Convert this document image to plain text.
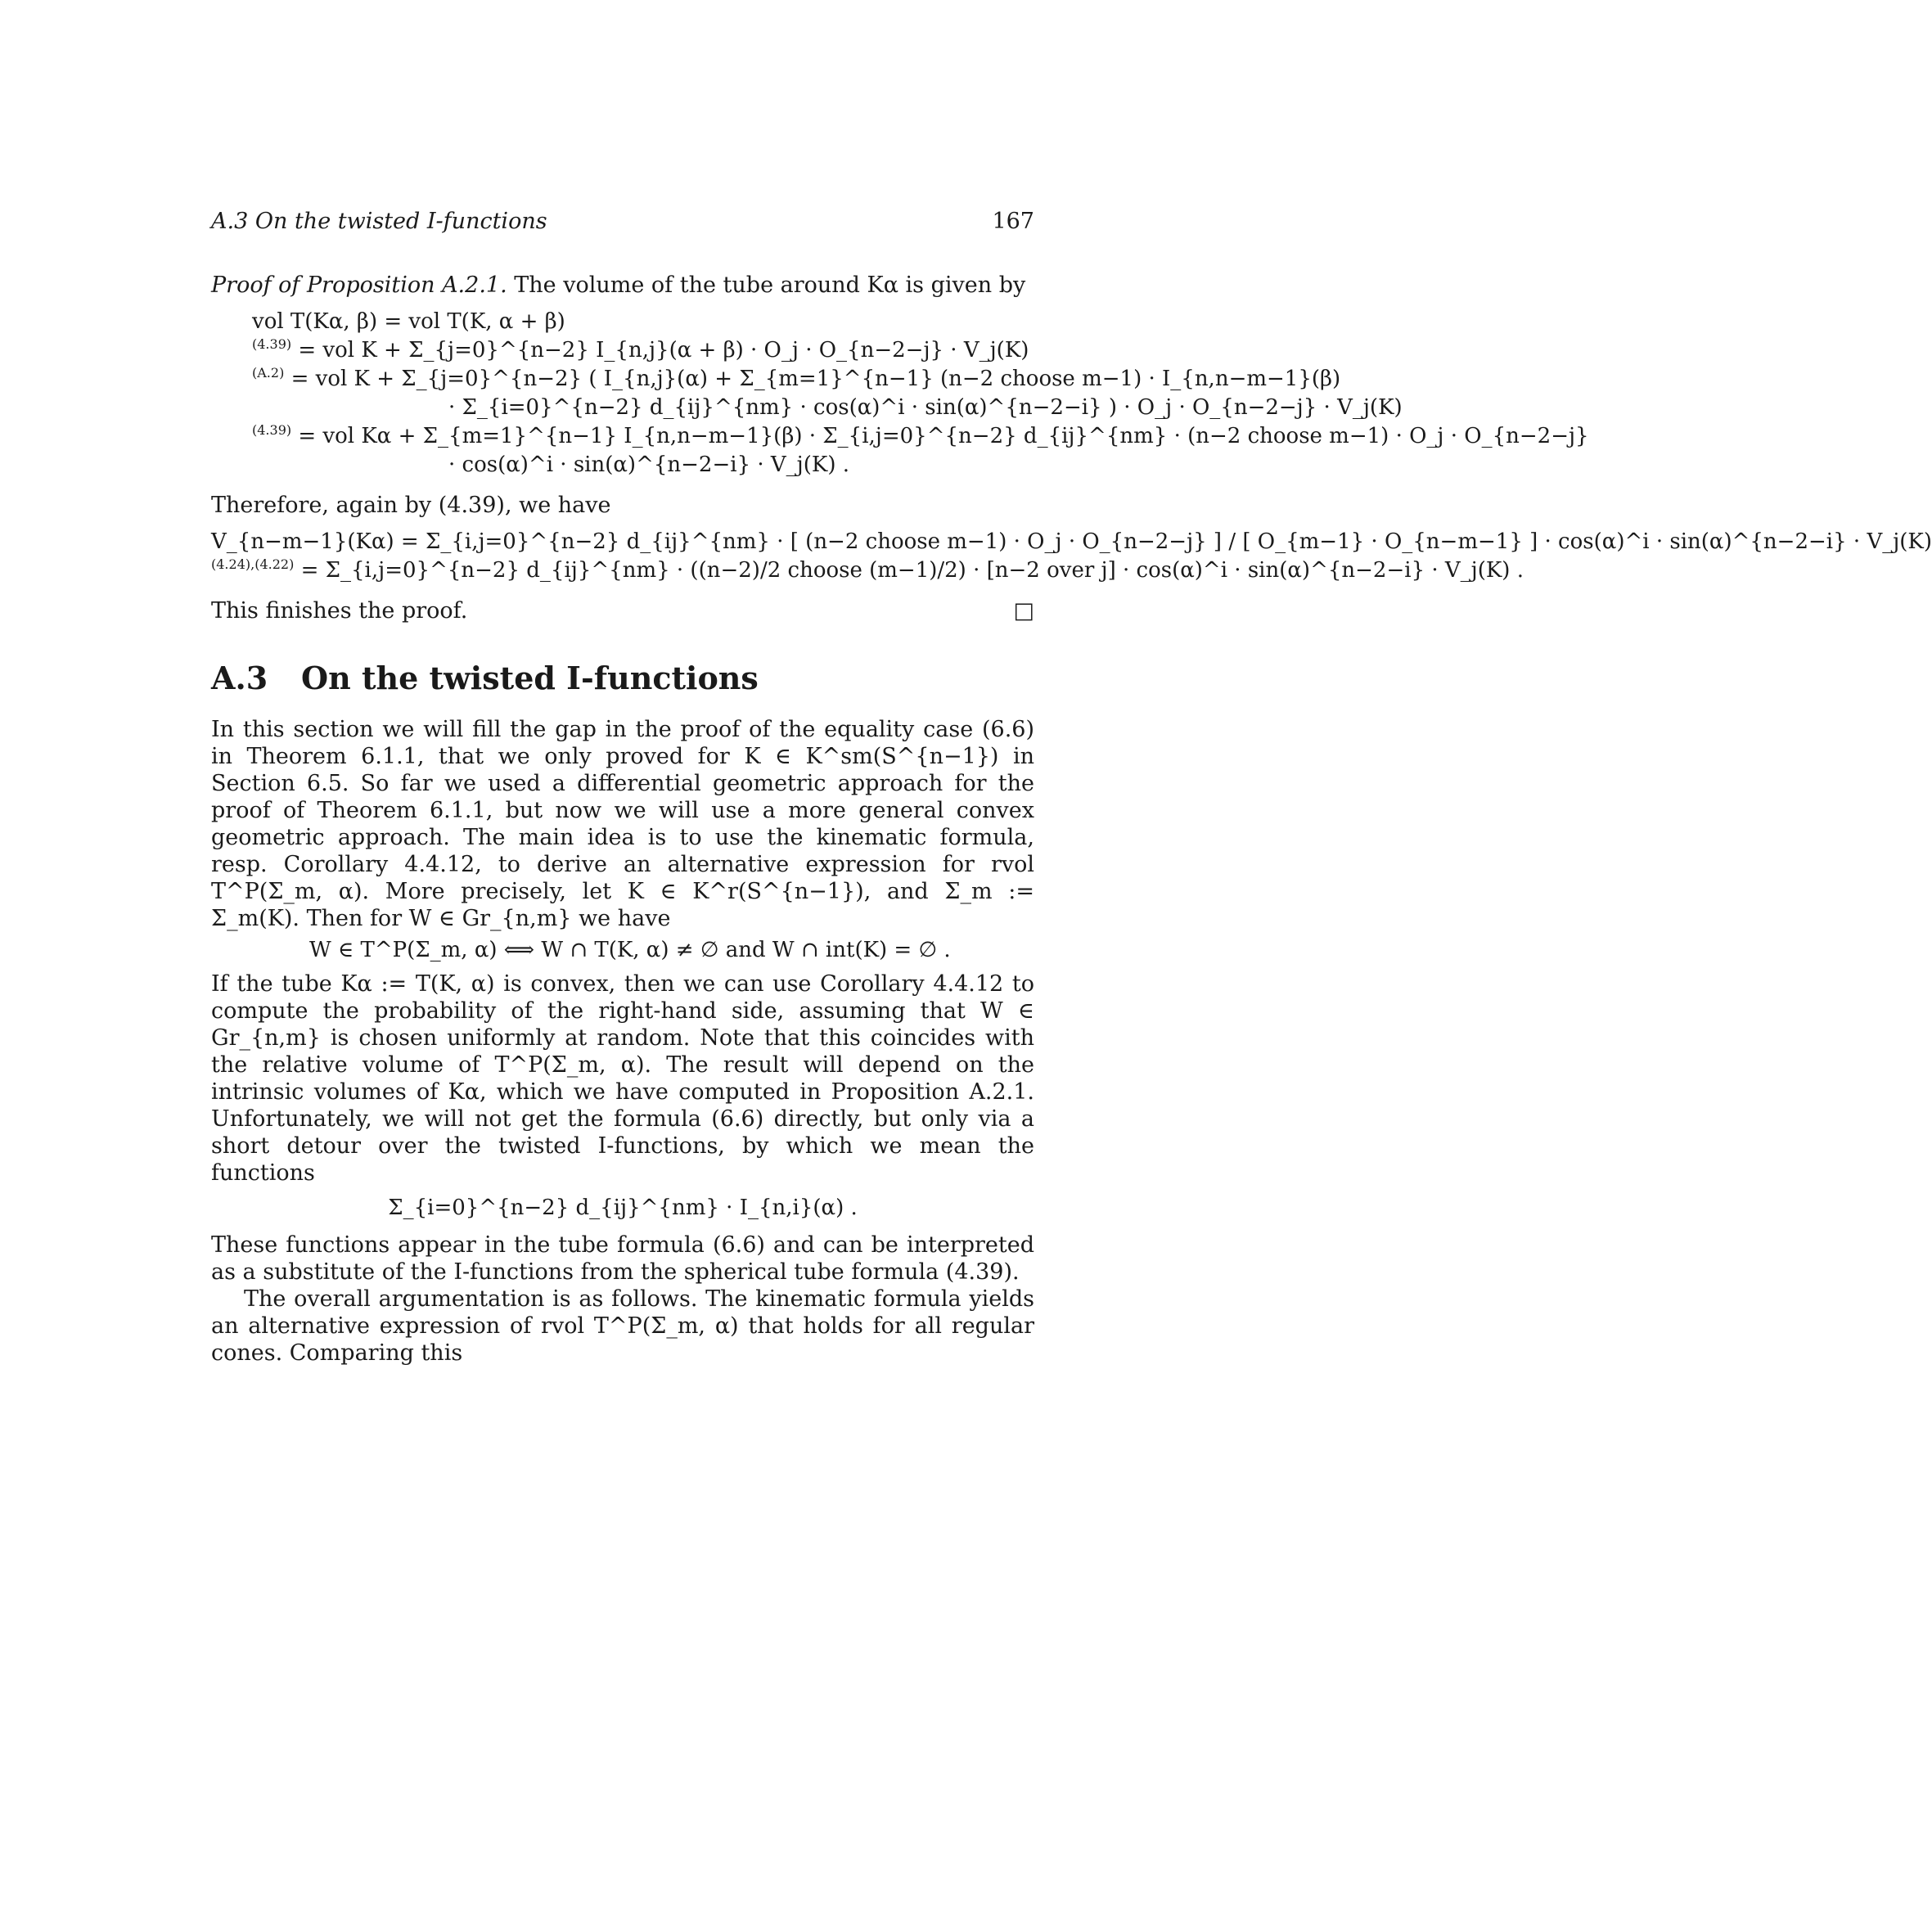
A.3 On the twisted I-functions	167

Proof of Proposition A.2.1. The volume of the tube around Kα is given by

vol T(Kα, β) = vol T(K, α + β)
$^{(4.39)}$ = vol K + Σ_{j=0}^{n−2} I_{n,j}(α + β) · O_j · O_{n−2−j} · V_j(K)
$^{(A.2)}$ = vol K + Σ_{j=0}^{n−2} ( I_{n,j}(α) + Σ_{m=1}^{n−1} (n−2 choose m−1) · I_{n,n−m−1}(β)
· Σ_{i=0}^{n−2} d_{ij}^{nm} · cos(α)^i · sin(α)^{n−2−i} ) · O_j · O_{n−2−j} · V_j(K)
$^{(4.39)}$ = vol Kα + Σ_{m=1}^{n−1} I_{n,n−m−1}(β) · Σ_{i,j=0}^{n−2} d_{ij}^{nm} · (n−2 choose m−1) · O_j · O_{n−2−j}
· cos(α)^i · sin(α)^{n−2−i} · V_j(K) .

Therefore, again by (4.39), we have

V_{n−m−1}(Kα) = Σ_{i,j=0}^{n−2} d_{ij}^{nm} · [ (n−2 choose m−1) · O_j · O_{n−2−j} ] / [ O_{m−1} · O_{n−m−1} ] · cos(α)^i · sin(α)^{n−2−i} · V_j(K)
$^{(4.24),(4.22)}$ = Σ_{i,j=0}^{n−2} d_{ij}^{nm} · ((n−2)/2 choose (m−1)/2) · [n−2 over j] · cos(α)^i · sin(α)^{n−2−i} · V_j(K) .
This finishes the proof.	□
A.3 On the twisted I-functions

In this section we will fill the gap in the proof of the equality case (6.6) in Theorem 6.1.1, that we only proved for K ∈ K^sm(S^{n−1}) in Section 6.5. So far we used a differential geometric approach for the proof of Theorem 6.1.1, but now we will use a more general convex geometric approach. The main idea is to use the kinematic formula, resp. Corollary 4.4.12, to derive an alternative expression for rvol T^P(Σ_m, α). More precisely, let K ∈ K^r(S^{n−1}), and Σ_m := Σ_m(K). Then for W ∈ Gr_{n,m} we have

W ∈ T^P(Σ_m, α) ⟺ W ∩ T(K, α) ≠ ∅ and W ∩ int(K) = ∅ .

If the tube Kα := T(K, α) is convex, then we can use Corollary 4.4.12 to compute the probability of the right-hand side, assuming that W ∈ Gr_{n,m} is chosen uniformly at random. Note that this coincides with the relative volume of T^P(Σ_m, α). The result will depend on the intrinsic volumes of Kα, which we have computed in Proposition A.2.1. Unfortunately, we will not get the formula (6.6) directly, but only via a short detour over the twisted I-functions, by which we mean the functions

Σ_{i=0}^{n−2} d_{ij}^{nm} · I_{n,i}(α) .

These functions appear in the tube formula (6.6) and can be interpreted as a substitute of the I-functions from the spherical tube formula (4.39).

The overall argumentation is as follows. The kinematic formula yields an alternative expression of rvol T^P(Σ_m, α) that holds for all regular cones. Comparing this
